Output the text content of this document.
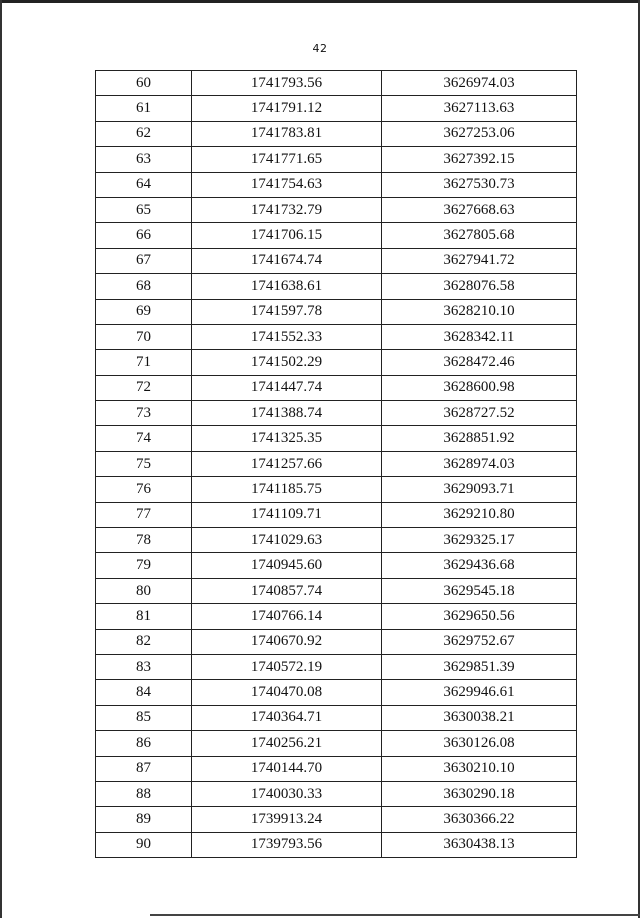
42
60	1741793.56	3626974.03
61	1741791.12	3627113.63
62	1741783.81	3627253.06
63	1741771.65	3627392.15
64	1741754.63	3627530.73
65	1741732.79	3627668.63
66	1741706.15	3627805.68
67	1741674.74	3627941.72
68	1741638.61	3628076.58
69	1741597.78	3628210.10
70	1741552.33	3628342.11
71	1741502.29	3628472.46
72	1741447.74	3628600.98
73	1741388.74	3628727.52
74	1741325.35	3628851.92
75	1741257.66	3628974.03
76	1741185.75	3629093.71
77	1741109.71	3629210.80
78	1741029.63	3629325.17
79	1740945.60	3629436.68
80	1740857.74	3629545.18
81	1740766.14	3629650.56
82	1740670.92	3629752.67
83	1740572.19	3629851.39
84	1740470.08	3629946.61
85	1740364.71	3630038.21
86	1740256.21	3630126.08
87	1740144.70	3630210.10
88	1740030.33	3630290.18
89	1739913.24	3630366.22
90	1739793.56	3630438.13
